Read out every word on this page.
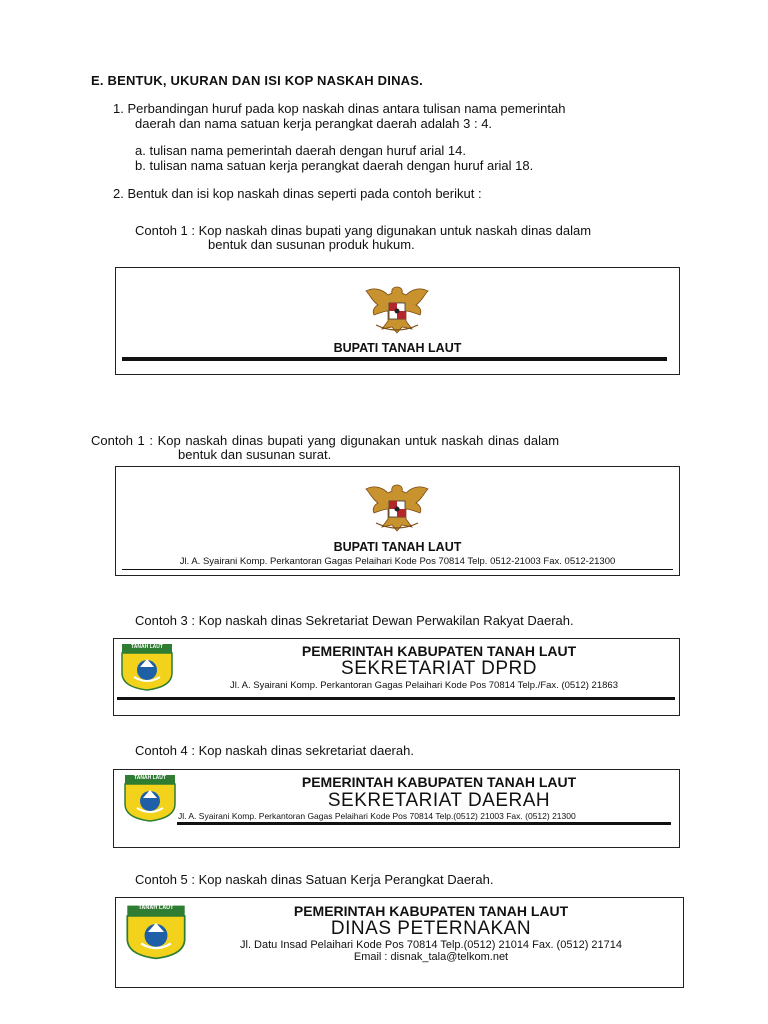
E. BENTUK, UKURAN DAN ISI KOP NASKAH DINAS.
1. Perbandingan huruf pada kop naskah dinas antara tulisan nama pemerintah
daerah dan nama satuan kerja perangkat daerah adalah 3 : 4.
a. tulisan nama pemerintah daerah dengan huruf arial 14.
b. tulisan nama satuan kerja perangkat daerah dengan huruf arial 18.
2. Bentuk dan isi kop naskah dinas seperti pada contoh berikut :
Contoh 1 : Kop naskah dinas bupati yang digunakan untuk naskah dinas dalam
bentuk dan susunan produk hukum.
BUPATI TANAH LAUT
Contoh 1 : Kop naskah dinas bupati yang digunakan untuk naskah dinas dalam
bentuk dan susunan surat.
BUPATI TANAH LAUT
Jl. A. Syairani Komp. Perkantoran Gagas Pelaihari Kode Pos 70814 Telp. 0512-21003 Fax. 0512-21300
Contoh 3 : Kop naskah dinas Sekretariat Dewan Perwakilan Rakyat Daerah.
TANAH LAUT	PEMERINTAH KABUPATEN TANAH LAUT
SEKRETARIAT DPRD
Jl. A. Syairani Komp. Perkantoran Gagas Pelaihari Kode Pos 70814 Telp./Fax. (0512) 21863
Contoh 4 : Kop naskah dinas sekretariat daerah.
TANAH LAUT	PEMERINTAH KABUPATEN TANAH LAUT
SEKRETARIAT DAERAH
Jl. A. Syairani Komp. Perkantoran Gagas Pelaihari Kode Pos 70814 Telp.(0512) 21003 Fax. (0512) 21300
Contoh 5 : Kop naskah dinas Satuan Kerja Perangkat Daerah.
TANAH LAUT	PEMERINTAH KABUPATEN TANAH LAUT
DINAS PETERNAKAN
Jl. Datu Insad Pelaihari Kode Pos 70814 Telp.(0512) 21014 Fax. (0512) 21714
Email : disnak_tala@telkom.net
